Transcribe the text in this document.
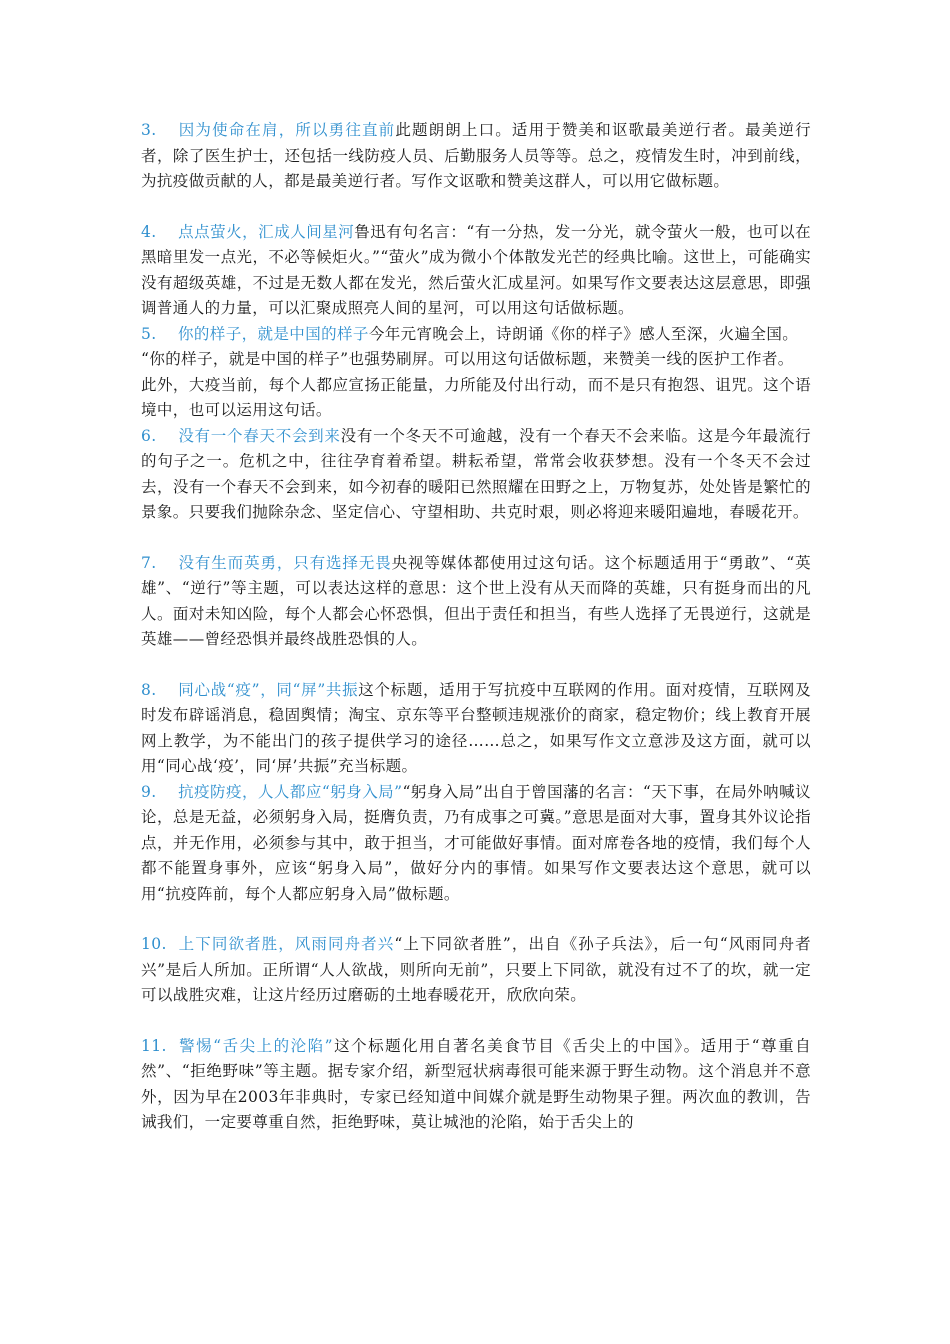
3. 因为使命在肩，所以勇往直前此题朗朗上口。适用于赞美和讴歌最美逆行者。最美逆行者，除了医生护士，还包括一线防疫人员、后勤服务人员等等。总之，疫情发生时，冲到前线，为抗疫做贡献的人，都是最美逆行者。写作文讴歌和赞美这群人，可以用它做标题。

4. 点点萤火，汇成人间星河鲁迅有句名言：“有一分热，发一分光，就令萤火一般，也可以在黑暗里发一点光，不必等候炬火。”“萤火”成为微小个体散发光芒的经典比喻。这世上，可能确实没有超级英雄，不过是无数人都在发光，然后萤火汇成星河。如果写作文要表达这层意思，即强调普通人的力量，可以汇聚成照亮人间的星河，可以用这句话做标题。

5. 你的样子，就是中国的样子今年元宵晚会上，诗朗诵《你的样子》感人至深，火遍全国。

“你的样子，就是中国的样子”也强势刷屏。可以用这句话做标题，来赞美一线的医护工作者。

此外，大疫当前，每个人都应宣扬正能量，力所能及付出行动，而不是只有抱怨、诅咒。这个语境中，也可以运用这句话。

6. 没有一个春天不会到来没有一个冬天不可逾越，没有一个春天不会来临。这是今年最流行的句子之一。危机之中，往往孕育着希望。耕耘希望，常常会收获梦想。没有一个冬天不会过去，没有一个春天不会到来，如今初春的暖阳已然照耀在田野之上，万物复苏，处处皆是繁忙的景象。只要我们抛除杂念、坚定信心、守望相助、共克时艰，则必将迎来暖阳遍地，春暖花开。

7. 没有生而英勇，只有选择无畏央视等媒体都使用过这句话。这个标题适用于“勇敢”、“英雄”、“逆行”等主题，可以表达这样的意思：这个世上没有从天而降的英雄，只有挺身而出的凡人。面对未知凶险，每个人都会心怀恐惧，但出于责任和担当，有些人选择了无畏逆行，这就是英雄——曾经恐惧并最终战胜恐惧的人。

8. 同心战“疫”，同“屏”共振这个标题，适用于写抗疫中互联网的作用。面对疫情，互联网及时发布辟谣消息，稳固舆情；淘宝、京东等平台整顿违规涨价的商家，稳定物价；线上教育开展网上教学，为不能出门的孩子提供学习的途径……总之，如果写作文立意涉及这方面，就可以用“同心战‘疫’，同‘屏’共振”充当标题。

9. 抗疫防疫，人人都应“躬身入局”“躬身入局”出自于曾国藩的名言：“天下事，在局外呐喊议论，总是无益，必须躬身入局，挺膺负责，乃有成事之可冀。”意思是面对大事，置身其外议论指点，并无作用，必须参与其中，敢于担当，才可能做好事情。面对席卷各地的疫情，我们每个人都不能置身事外，应该“躬身入局”，做好分内的事情。如果写作文要表达这个意思，就可以用“抗疫阵前，每个人都应躬身入局”做标题。

10. 上下同欲者胜，风雨同舟者兴“上下同欲者胜”，出自《孙子兵法》，后一句“风雨同舟者兴”是后人所加。正所谓“人人欲战，则所向无前”，只要上下同欲，就没有过不了的坎，就一定可以战胜灾难，让这片经历过磨砺的土地春暖花开，欣欣向荣。

11. 警惕“舌尖上的沦陷”这个标题化用自著名美食节目《舌尖上的中国》。适用于“尊重自然”、“拒绝野味”等主题。据专家介绍，新型冠状病毒很可能来源于野生动物。这个消息并不意外，因为早在2003年非典时，专家已经知道中间媒介就是野生动物果子狸。两次血的教训，告诫我们，一定要尊重自然，拒绝野味，莫让城池的沦陷，始于舌尖上的
